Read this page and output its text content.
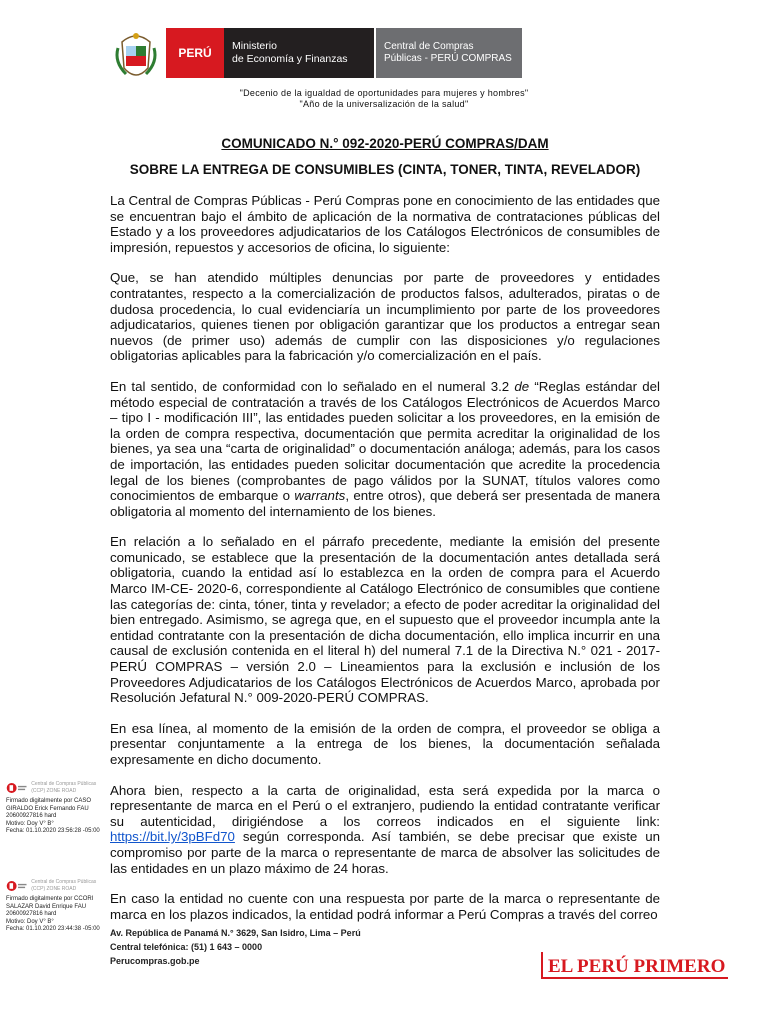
PERÚ	Ministerio
de Economía y Finanzas
Central de Compras
Públicas - PERÚ COMPRAS
"Decenio de la igualdad de oportunidades para mujeres y hombres"
"Año de la universalización de la salud"
COMUNICADO N.° 092-2020-PERÚ COMPRAS/DAM
SOBRE LA ENTREGA DE CONSUMIBLES (CINTA, TONER, TINTA, REVELADOR)

La Central de Compras Públicas - Perú Compras pone en conocimiento de las entidades que se encuentran bajo el ámbito de aplicación de la normativa de contrataciones públicas del Estado y a los proveedores adjudicatarios de los Catálogos Electrónicos de consumibles de impresión, repuestos y accesorios de oficina, lo siguiente:

Que, se han atendido múltiples denuncias por parte de proveedores y entidades contratantes, respecto a la comercialización de productos falsos, adulterados, piratas o de dudosa procedencia, lo cual evidenciaría un incumplimiento por parte de los proveedores adjudicatarios, quienes tienen por obligación garantizar que los productos a entregar sean nuevos (de primer uso) además de cumplir con las disposiciones y/o regulaciones obligatorias aplicables para la fabricación y/o comercialización en el país.

En tal sentido, de conformidad con lo señalado en el numeral 3.2 de “Reglas estándar del método especial de contratación a través de los Catálogos Electrónicos de Acuerdos Marco – tipo I - modificación III”, las entidades pueden solicitar a los proveedores, en la emisión de la orden de compra respectiva, documentación que permita acreditar la originalidad de los bienes, ya sea una “carta de originalidad” o documentación análoga; además, para los casos de importación, las entidades pueden solicitar documentación que acredite la procedencia legal de los bienes (comprobantes de pago válidos por la SUNAT, títulos valores como conocimientos de embarque o warrants, entre otros), que deberá ser presentada de manera obligatoria al momento del internamiento de los bienes.

En relación a lo señalado en el párrafo precedente, mediante la emisión del presente comunicado, se establece que la presentación de la documentación antes detallada será obligatoria, cuando la entidad así lo establezca en la orden de compra para el Acuerdo Marco IM-CE- 2020-6, correspondiente al Catálogo Electrónico de consumibles que contiene las categorías de: cinta, tóner, tinta y revelador; a efecto de poder acreditar la originalidad del bien entregado. Asimismo, se agrega que, en el supuesto que el proveedor incumpla ante la entidad contratante con la presentación de dicha documentación, ello implica incurrir en una causal de exclusión contenida en el literal h) del numeral 7.1 de la Directiva N.° 021 - 2017-PERÚ COMPRAS – versión 2.0 – Lineamientos para la exclusión e inclusión de los Proveedores Adjudicatarios de los Catálogos Electrónicos de Acuerdos Marco, aprobada por Resolución Jefatural N.° 009-2020-PERÚ COMPRAS.

En esa línea, al momento de la emisión de la orden de compra, el proveedor se obliga a presentar conjuntamente a la entrega de los bienes, la documentación señalada expresamente en dicho documento.

Ahora bien, respecto a la carta de originalidad, esta será expedida por la marca o representante de marca en el Perú o el extranjero, pudiendo la entidad contratante verificar su autenticidad, dirigiéndose a los correos indicados en el siguiente link: https://bit.ly/3pBFd70 según corresponda. Así también, se debe precisar que existe un compromiso por parte de la marca o representante de marca de absolver las solicitudes de las entidades en un plazo máximo de 24 horas.

En caso la entidad no cuente con una respuesta por parte de la marca o representante de marca en los plazos indicados, la entidad podrá informar a Perú Compras a través del correo

Central de Compras Públicas (CCP) ZONE ROAD
Firmado digitalmente por CASO
GIRALDO Erick Fernando FAU
20600927816 hard
Motivo: Doy V° B°
Fecha: 01.10.2020 23:56:28 -05:00
Central de Compras Públicas (CCP) ZONE ROAD
Firmado digitalmente por CCORI
SALAZAR David Enrique FAU
20600927816 hard
Motivo: Doy V° B°
Fecha: 01.10.2020 23:44:38 -05:00	Av. República de Panamá N.° 3629, San Isidro, Lima – Perú
Central telefónica: (51) 1 643 – 0000
Perucompras.gob.pe	EL PERÚ PRIMERO
